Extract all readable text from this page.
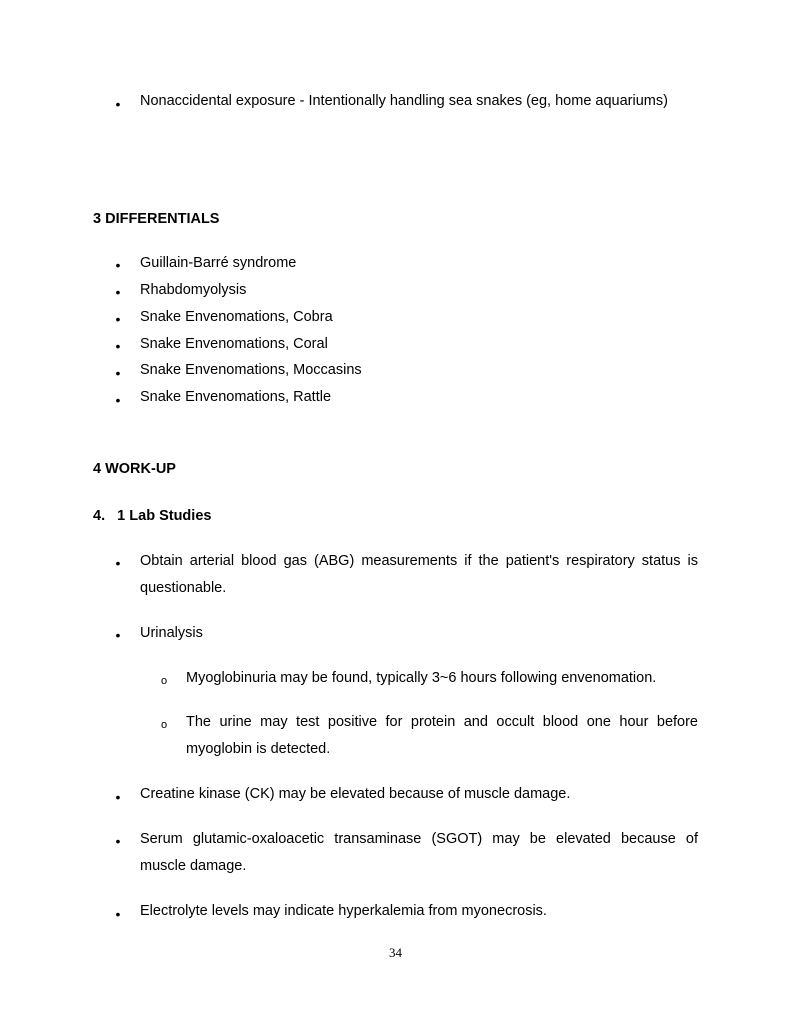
• Nonaccidental exposure - Intentionally handling sea snakes (eg, home aquariums)

3 DIFFERENTIALS
• Guillain-Barré syndrome

• Rhabdomyolysis

• Snake Envenomations, Cobra

• Snake Envenomations, Coral

• Snake Envenomations, Moccasins

• Snake Envenomations, Rattle

4 WORK-UP
4.   1 Lab Studies
• Obtain arterial blood gas (ABG) measurements if the patient's respiratory status is questionable.

• Urinalysis

o Myoglobinuria may be found, typically 3~6 hours following envenomation.

o The urine may test positive for protein and occult blood one hour before myoglobin is detected.

• Creatine kinase (CK) may be elevated because of muscle damage.

• Serum glutamic-oxaloacetic transaminase (SGOT) may be elevated because of muscle damage.

• Electrolyte levels may indicate hyperkalemia from myonecrosis.

34
